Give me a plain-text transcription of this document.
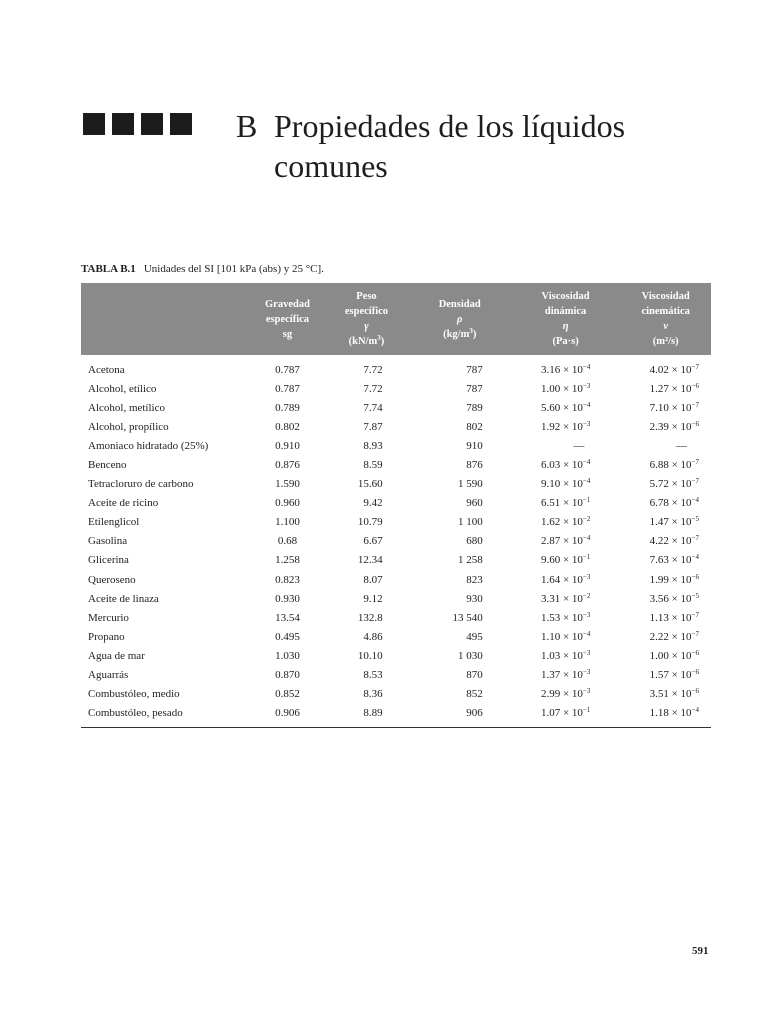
B Propiedades de los líquidos
comunes
TABLA B.1 Unidades del SI [101 kPa (abs) y 25 °C].
	Gravedad
específica
sg	Peso
específico
γ
$(kN/m^3)$	Densidad
ρ
$(kg/m^3)$	Viscosidad
dinámica
η
(Pa·s)	Viscosidad
cinemática
ν
(m²/s)
Acetona	0.787	7.72	787	$3.16 \times 10^{-4}$	$4.02 \times 10^{-7}$
Alcohol, etílico	0.787	7.72	787	$1.00 \times 10^{-3}$	$1.27 \times 10^{-6}$
Alcohol, metílico	0.789	7.74	789	$5.60 \times 10^{-4}$	$7.10 \times 10^{-7}$
Alcohol, propílico	0.802	7.87	802	$1.92 \times 10^{-3}$	$2.39 \times 10^{-6}$
Amoniaco hidratado (25%)	0.910	8.93	910	—	—
Benceno	0.876	8.59	876	$6.03 \times 10^{-4}$	$6.88 \times 10^{-7}$
Tetracloruro de carbono	1.590	15.60	1 590	$9.10 \times 10^{-4}$	$5.72 \times 10^{-7}$
Aceite de ricino	0.960	9.42	960	$6.51 \times 10^{-1}$	$6.78 \times 10^{-4}$
Etilenglicol	1.100	10.79	1 100	$1.62 \times 10^{-2}$	$1.47 \times 10^{-5}$
Gasolina	0.68	6.67	680	$2.87 \times 10^{-4}$	$4.22 \times 10^{-7}$
Glicerina	1.258	12.34	1 258	$9.60 \times 10^{-1}$	$7.63 \times 10^{-4}$
Queroseno	0.823	8.07	823	$1.64 \times 10^{-3}$	$1.99 \times 10^{-6}$
Aceite de linaza	0.930	9.12	930	$3.31 \times 10^{-2}$	$3.56 \times 10^{-5}$
Mercurio	13.54	132.8	13 540	$1.53 \times 10^{-3}$	$1.13 \times 10^{-7}$
Propano	0.495	4.86	495	$1.10 \times 10^{-4}$	$2.22 \times 10^{-7}$
Agua de mar	1.030	10.10	1 030	$1.03 \times 10^{-3}$	$1.00 \times 10^{-6}$
Aguarrás	0.870	8.53	870	$1.37 \times 10^{-3}$	$1.57 \times 10^{-6}$
Combustóleo, medio	0.852	8.36	852	$2.99 \times 10^{-3}$	$3.51 \times 10^{-6}$
Combustóleo, pesado	0.906	8.89	906	$1.07 \times 10^{-1}$	$1.18 \times 10^{-4}$
591
